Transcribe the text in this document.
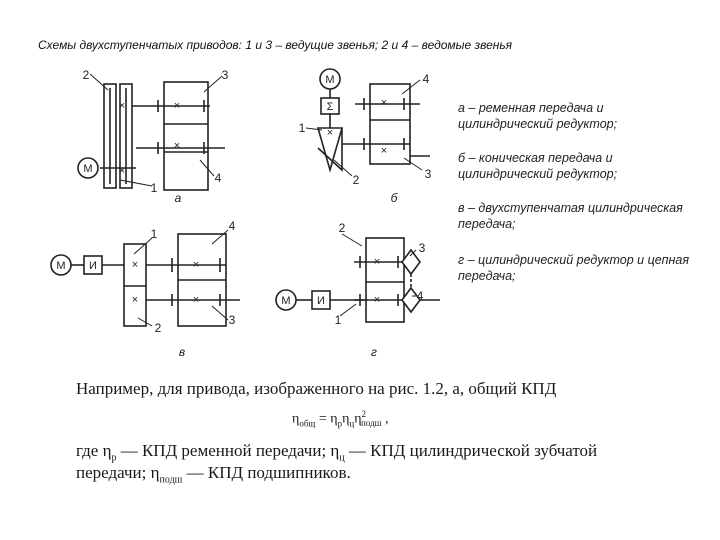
Схемы двухступенчатых приводов: 1 и 3 – ведущие звенья; 2 и 4 – ведомые звенья
×
×
×
×
Σ	×
×
×
×
×
×
×
×
×
2	3
М
1
4
а
М	4
1
2	3
б
М И
1
4
2
3
в
2
3
4
М И
1
г
а – ременная передача и цилиндрический редуктор;
б – коническая передача и цилиндрический редуктор;
в – двухступенчатая цилиндрическая передача;
г – цилиндрический редуктор и цепная передача;
Например, для привода, изображенного на рис. 1.2, а, общий КПД
$\eta_{общ} = \eta_р\eta_ц\eta^2_{подш}$ ,
где $\eta_р$ — КПД ременной передачи; $\eta_ц$ — КПД цилиндрической зубчатой
передачи; $\eta_{подш}$ — КПД подшипников.
